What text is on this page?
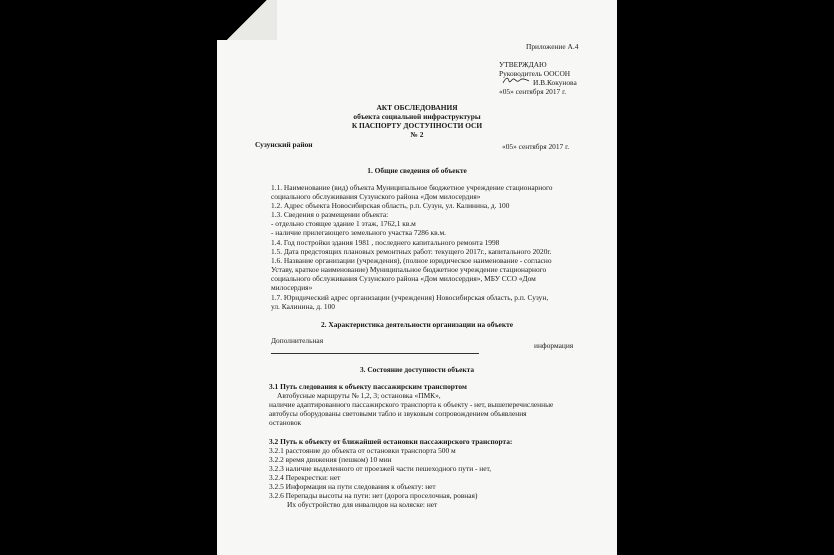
Приложение А.4
УТВЕРЖДАЮ
Руководитель ООСОН
И.В.Кокунова
«05» сентября 2017 г.
АКТ ОБСЛЕДОВАНИЯ
объекта социальной инфраструктуры
К ПАСПОРТУ ДОСТУПНОСТИ ОСИ
№ 2
Сузунский район	«05» сентября 2017 г.
1. Общие сведения об объекте
1.1. Наименование (вид) объекта Муниципальное бюджетное учреждение стационарного
социального обслуживания Сузунского района «Дом милосердия»
1.2. Адрес объекта Новосибирская область, р.п. Сузун, ул. Калинина, д. 100
1.3. Сведения о размещении объекта:
- отдельно стоящее здание 1 этаж, 1762,1 кв.м
- наличие прилегающего земельного участка 7286 кв.м.
1.4. Год постройки здания 1981 , последнего капитального ремонта 1998
1.5. Дата предстоящих плановых ремонтных работ: текущего 2017г., капитального 2020г.
1.6. Название организации (учреждения), (полное юридическое наименование - согласно
Уставу, краткое наименование) Муниципальное бюджетное учреждение стационарного
социального обслуживания Сузунского района «Дом милосердия», МБУ ССО «Дом
милосердия»
1.7. Юридический адрес организации (учреждения) Новосибирская область, р.п. Сузун,
ул. Калинина, д. 100
2. Характеристика деятельности организации на объекте
Дополнительная
информация
3. Состояние доступности объекта
3.1 Путь следования к объекту пассажирским транспортом
Автобусные маршруты № 1,2, 3; остановка «ПМК»,
наличие адаптированного пассажирского транспорта к объекту - нет, вышеперечисленные
автобусы оборудованы световыми табло и звуковым сопровождением объявления
остановок
3.2 Путь к объекту от ближайшей остановки пассажирского транспорта:
3.2.1 расстояние до объекта от остановки транспорта 500 м
3.2.2 время движения (пешком) 10 мин
3.2.3 наличие выделенного от проезжей части пешеходного пути - нет,
3.2.4 Перекрестки: нет
3.2.5 Информация на пути следования к объекту: нет
3.2.6 Перепады высоты на пути: нет (дорога проселочная, ровная)
Их обустройство для инвалидов на коляске: нет
